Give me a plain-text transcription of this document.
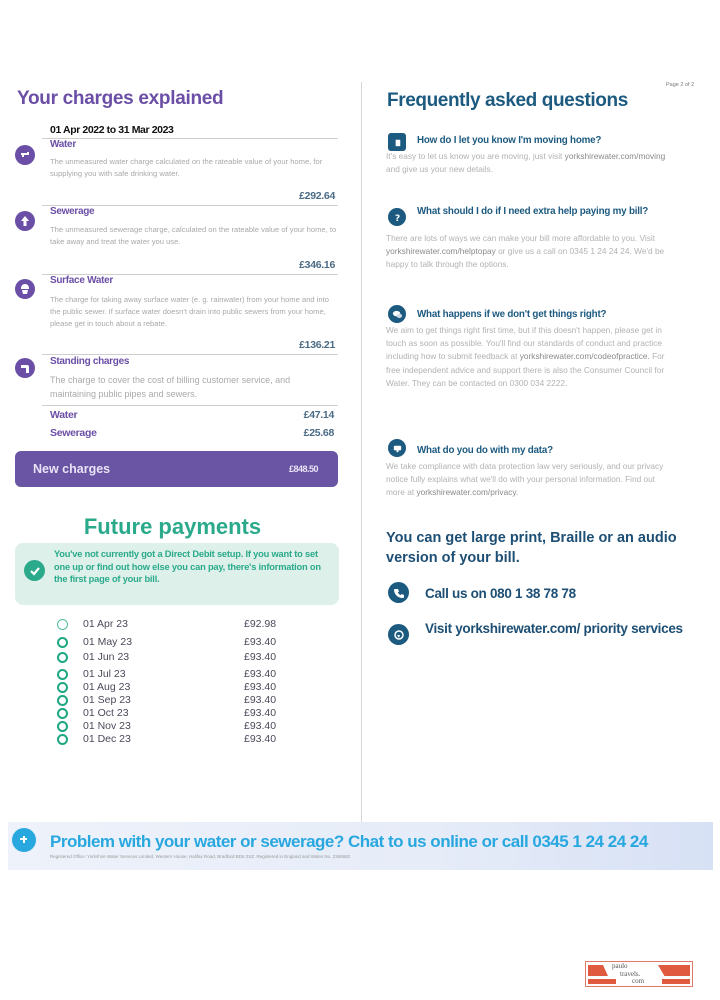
Your charges explained
01 Apr 2022 to 31 Mar 2023
Water
The unmeasured water charge calculated on the rateable value of your home, for supplying you with safe drinking water.
£292.64
Sewerage
The unmeasured sewerage charge, calculated on the rateable value of your home, to take away and treat the water you use.
£346.16
Surface Water
The charge for taking away surface water (e. g. rainwater) from your home and into the public sewer. If surface water doesn't drain into public sewers from your home, please get in touch about a rebate.
£136.21
Standing charges
The charge to cover the cost of billing customer service, and maintaining public pipes and sewers.
Water	£47.14
Sewerage	£25.68
New charges	£848.50
Future payments
You've not currently got a Direct Debit setup. If you want to set one up or find out how else you can pay, there's information on the first page of your bill.
01 Apr 23	£92.98
01 May 23	£93.40
01 Jun 23	£93.40
01 Jul 23	£93.40
01 Aug 23	£93.40
01 Sep 23	£93.40
01 Oct 23	£93.40
01 Nov 23	£93.40
01 Dec 23	£93.40
Page 2 of 2
Frequently asked questions
How do I let you know I'm moving home?
It's easy to let us know you are moving, just visit yorkshirewater.com/moving and give us your new details.
?
What should I do if I need extra help paying my bill?
There are lots of ways we can make your bill more affordable to you. Visit yorkshirewater.com/helptopay or give us a call on 0345 1 24 24 24. We'd be happy to talk through the options.
What happens if we don't get things right?
We aim to get things right first time, but if this doesn't happen, please get in touch as soon as possible. You'll find our standards of conduct and practice including how to submit feedback at yorkshirewater.com/codeofpractice. For free independent advice and support there is also the Consumer Council for Water. They can be contacted on 0300 034 2222.
What do you do with my data?
We take compliance with data protection law very seriously, and our privacy notice fully explains what we'll do with your personal information. Find out more at yorkshirewater.com/privacy.
You can get large print, Braille or an audio version of your bill.
Call us on 080 1 38 78 78
Visit yorkshirewater.com/ priority services
Problem with your water or sewerage? Chat to us online or call 0345 1 24 24 24
Registered Office: Yorkshire Water Services Limited, Western House, Halifax Road, Bradford BD6 2SZ. Registered in England and Wales No. 2366682
paulo
travels.
com
